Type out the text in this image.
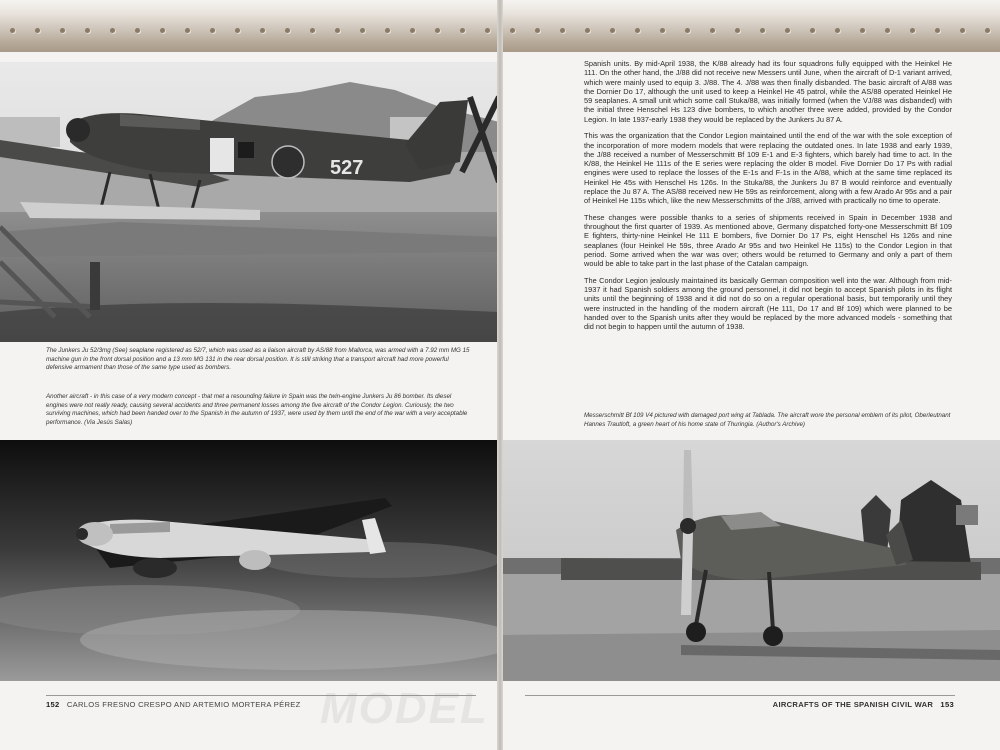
527

The Junkers Ju 52/3mg (See) seaplane registered as 52/7, which was used as a liaison aircraft by AS/88 from Mallorca, was armed with a 7.92 mm MG 15 machine gun in the front dorsal position and a 13 mm MG 131 in the rear dorsal position. It is still striking that a transport aircraft had more powerful defensive armament than those of the same type used as bombers.

Another aircraft - in this case of a very modern concept - that met a resounding failure in Spain was the twin-engine Junkers Ju 86 bomber. Its diesel engines were not really ready, causing several accidents and three permanent losses among the five aircraft of the Condor Legion. Curiously, the two surviving machines, which had been handed over to the Spanish in the autumn of 1937, were used by them until the end of the war with a very acceptable performance. (Via Jesús Salas)

Spanish units. By mid-April 1938, the K/88 already had its four squadrons fully equipped with the Heinkel He 111. On the other hand, the J/88 did not receive new Messers until June, when the aircraft of D-1 variant arrived, which were mainly used to equip 3. J/88. The 4. J/88 was then finally disbanded. The basic aircraft of A/88 was the Dornier Do 17, although the unit used to keep a Heinkel He 45 patrol, while the AS/88 operated Heinkel He 59 seaplanes. A small unit which some call Stuka/88, was initially formed (when the VJ/88 was disbanded) with the initial three Henschel Hs 123 dive bombers, to which another three were added, provided by the Condor Legion. In late 1937-early 1938 they would be replaced by the Junkers Ju 87 A.

This was the organization that the Condor Legion maintained until the end of the war with the sole exception of the incorporation of more modern models that were replacing the outdated ones. In late 1938 and early 1939, the J/88 received a number of Messerschmitt Bf 109 E-1 and E-3 fighters, which barely had time to act. In the K/88, the Heinkel He 111s of the E series were replacing the older B model. Five Dornier Do 17 Ps with radial engines were used to replace the losses of the E-1s and F-1s in the A/88, which at the same time replaced its Heinkel He 45s with Henschel Hs 126s. In the Stuka/88, the Junkers Ju 87 B would reinforce and eventually replace the Ju 87 A. The AS/88 received new He 59s as reinforcement, along with a few Arado Ar 95s and a pair of Heinkel He 115s which, like the new Messerschmitts of the J/88, arrived with practically no time to operate.

These changes were possible thanks to a series of shipments received in Spain in December 1938 and throughout the first quarter of 1939. As mentioned above, Germany dispatched forty-one Messerschmitt Bf 109 E fighters, thirty-nine Heinkel He 111 E bombers, five Dornier Do 17 Ps, eight Henschel Hs 126s and nine seaplanes (four Heinkel He 59s, three Arado Ar 95s and two Heinkel He 115s) to the Condor Legion in that period. Some arrived when the war was over; others would be returned to Germany and only a part of them would be able to take part in the last phase of the Catalan campaign.

The Condor Legion jealously maintained its basically German composition well into the war. Although from mid-1937 it had Spanish soldiers among the ground personnel, it did not begin to accept Spanish pilots in its flight units until the beginning of 1938 and it did not do so on a regular operational basis, but temporarily until they were instructed in the handling of the modern aircraft (He 111, Do 17 and Bf 109) which were planned to be handed over to the Spanish units after they would be replaced by the more advanced models - something that did not begin to happen until the autumn of 1938.

Messerschmitt Bf 109 V4 pictured with damaged port wing at Tablada. The aircraft wore the personal emblem of its pilot, Oberleutnant Hannes Trautloft, a green heart of his home state of Thuringia. (Author's Archive)

152 CARLOS FRESNO CRESPO AND ARTEMIO MORTERA PÉREZ	AIRCRAFTS OF THE SPANISH CIVIL WAR 153
MODEL
